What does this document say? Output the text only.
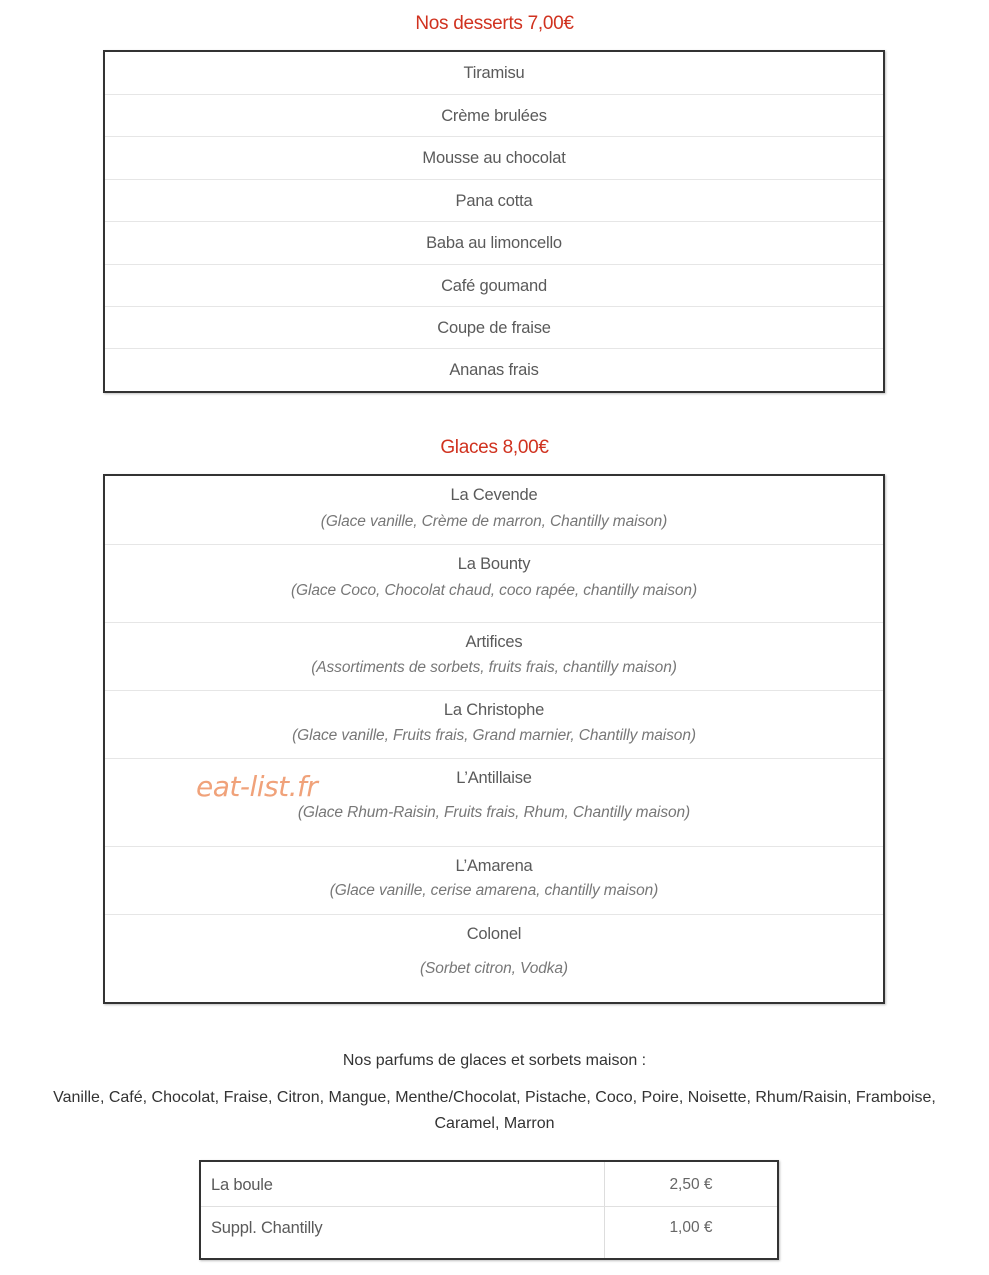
Nos desserts 7,00€
Tiramisu
Crème brulées
Mousse au chocolat
Pana cotta
Baba au limoncello
Café goumand
Coupe de fraise
Ananas frais
Glaces 8,00€
La Cevende
(Glace vanille, Crème de marron, Chantilly maison)
La Bounty
(Glace Coco, Chocolat chaud, coco rapée, chantilly maison)
Artifices
(Assortiments de sorbets, fruits frais, chantilly maison)
La Christophe
(Glace vanille, Fruits frais, Grand marnier, Chantilly maison)
L’Antillaise
(Glace Rhum-Raisin, Fruits frais, Rhum, Chantilly maison)
L’Amarena
(Glace vanille, cerise amarena, chantilly maison)
Colonel
(Sorbet citron, Vodka)
eat-list.fr
Nos parfums de glaces et sorbets maison :
Vanille, Café, Chocolat, Fraise, Citron, Mangue, Menthe/Chocolat, Pistache, Coco, Poire, Noisette, Rhum/Raisin, Framboise,
Caramel, Marron
La boule	2,50 €
Suppl. Chantilly	1,00 €
